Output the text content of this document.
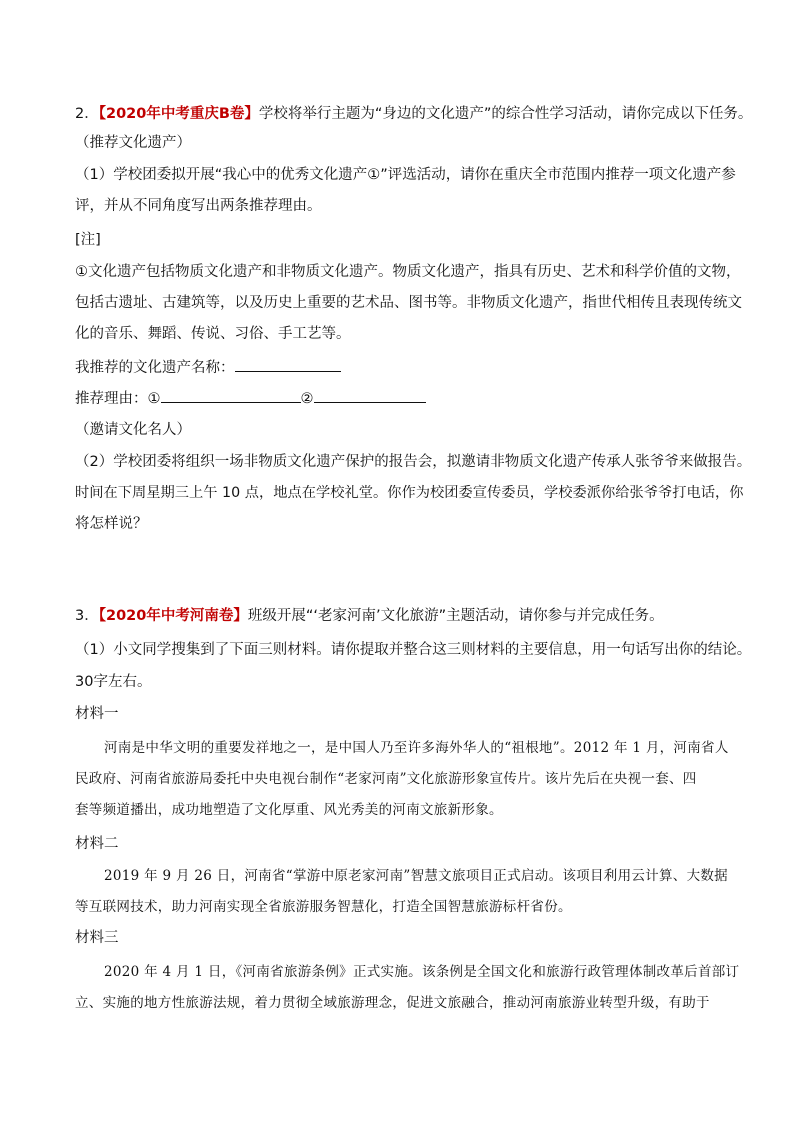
2．【2020年中考重庆B卷】学校将举行主题为“身边的文化遗产”的综合性学习活动，请你完成以下任务。
（推荐文化遗产）
（1）学校团委拟开展“我心中的优秀文化遗产①”评选活动，请你在重庆全市范围内推荐一项文化遗产参
评，并从不同角度写出两条推荐理由。
[注]
①文化遗产包括物质文化遗产和非物质文化遗产。物质文化遗产，指具有历史、艺术和科学价值的文物，
包括古遗址、古建筑等，以及历史上重要的艺术品、图书等。非物质文化遗产，指世代相传且表现传统文
化的音乐、舞蹈、传说、习俗、手工艺等。
我推荐的文化遗产名称：
推荐理由：①	②
（邀请文化名人）
（2）学校团委将组织一场非物质文化遗产保护的报告会，拟邀请非物质文化遗产传承人张爷爷来做报告。
时间在下周星期三上午 10 点，地点在学校礼堂。你作为校团委宣传委员，学校委派你给张爷爷打电话，你
将怎样说？
3．【2020年中考河南卷】班级开展“‘老家河南’文化旅游”主题活动，请你参与并完成任务。
（1）小文同学搜集到了下面三则材料。请你提取并整合这三则材料的主要信息，用一句话写出你的结论。
30字左右。
材料一
河南是中华文明的重要发祥地之一，是中国人乃至许多海外华人的“祖根地”。2012 年 1 月，河南省人
民政府、河南省旅游局委托中央电视台制作“老家河南”文化旅游形象宣传片。该片先后在央视一套、四
套等频道播出，成功地塑造了文化厚重、风光秀美的河南文旅新形象。
材料二
2019 年 9 月 26 日，河南省“掌游中原老家河南”智慧文旅项目正式启动。该项目利用云计算、大数据
等互联网技术，助力河南实现全省旅游服务智慧化，打造全国智慧旅游标杆省份。
材料三
2020 年 4 月 1 日，《河南省旅游条例》正式实施。该条例是全国文化和旅游行政管理体制改革后首部订
立、实施的地方性旅游法规，着力贯彻全域旅游理念，促进文旅融合，推动河南旅游业转型升级，有助于
